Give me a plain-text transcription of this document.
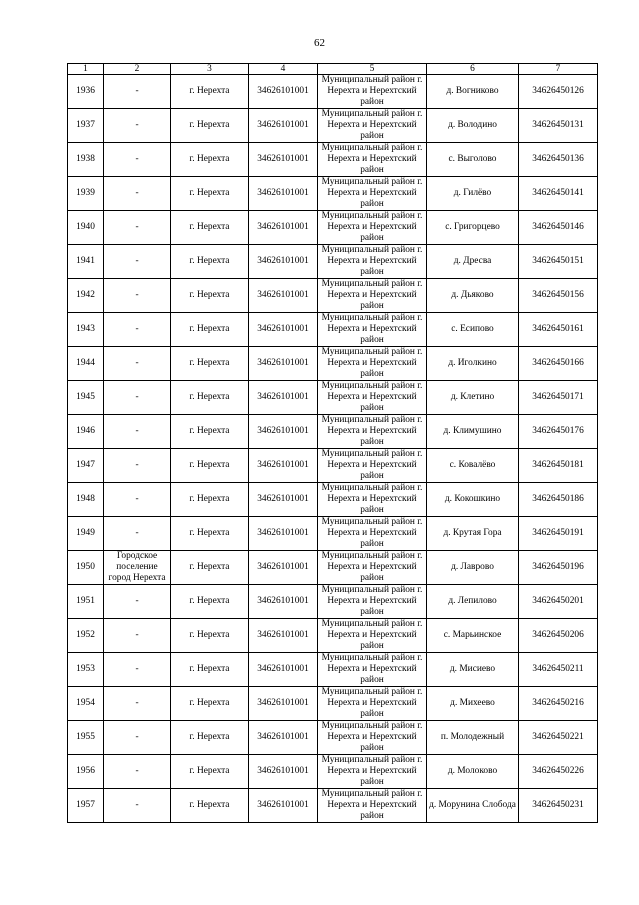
62
1	2	3	4	5	6	7
1936	-	г. Нерехта	34626101001	Муниципальный район г. Нерехта и Нерехтский район	д. Вогниково	34626450126
1937	-	г. Нерехта	34626101001	Муниципальный район г. Нерехта и Нерехтский район	д. Володино	34626450131
1938	-	г. Нерехта	34626101001	Муниципальный район г. Нерехта и Нерехтский район	с. Выголово	34626450136
1939	-	г. Нерехта	34626101001	Муниципальный район г. Нерехта и Нерехтский район	д. Гилёво	34626450141
1940	-	г. Нерехта	34626101001	Муниципальный район г. Нерехта и Нерехтский район	с. Григорцево	34626450146
1941	-	г. Нерехта	34626101001	Муниципальный район г. Нерехта и Нерехтский район	д. Дресва	34626450151
1942	-	г. Нерехта	34626101001	Муниципальный район г. Нерехта и Нерехтский район	д. Дьяково	34626450156
1943	-	г. Нерехта	34626101001	Муниципальный район г. Нерехта и Нерехтский район	с. Есипово	34626450161
1944	-	г. Нерехта	34626101001	Муниципальный район г. Нерехта и Нерехтский район	д. Иголкино	34626450166
1945	-	г. Нерехта	34626101001	Муниципальный район г. Нерехта и Нерехтский район	д. Клетино	34626450171
1946	-	г. Нерехта	34626101001	Муниципальный район г. Нерехта и Нерехтский район	д. Климушино	34626450176
1947	-	г. Нерехта	34626101001	Муниципальный район г. Нерехта и Нерехтский район	с. Ковалёво	34626450181
1948	-	г. Нерехта	34626101001	Муниципальный район г. Нерехта и Нерехтский район	д. Кокошкино	34626450186
1949	-	г. Нерехта	34626101001	Муниципальный район г. Нерехта и Нерехтский район	д. Крутая Гора	34626450191
1950	Городское поселение город Нерехта	г. Нерехта	34626101001	Муниципальный район г. Нерехта и Нерехтский район	д. Лаврово	34626450196
1951	-	г. Нерехта	34626101001	Муниципальный район г. Нерехта и Нерехтский район	д. Лепилово	34626450201
1952	-	г. Нерехта	34626101001	Муниципальный район г. Нерехта и Нерехтский район	с. Марьинское	34626450206
1953	-	г. Нерехта	34626101001	Муниципальный район г. Нерехта и Нерехтский район	д. Мисиево	34626450211
1954	-	г. Нерехта	34626101001	Муниципальный район г. Нерехта и Нерехтский район	д. Михеево	34626450216
1955	-	г. Нерехта	34626101001	Муниципальный район г. Нерехта и Нерехтский район	п. Молодежный	34626450221
1956	-	г. Нерехта	34626101001	Муниципальный район г. Нерехта и Нерехтский район	д. Молоково	34626450226
1957	-	г. Нерехта	34626101001	Муниципальный район г. Нерехта и Нерехтский район	д. Морунина Слобода	34626450231
